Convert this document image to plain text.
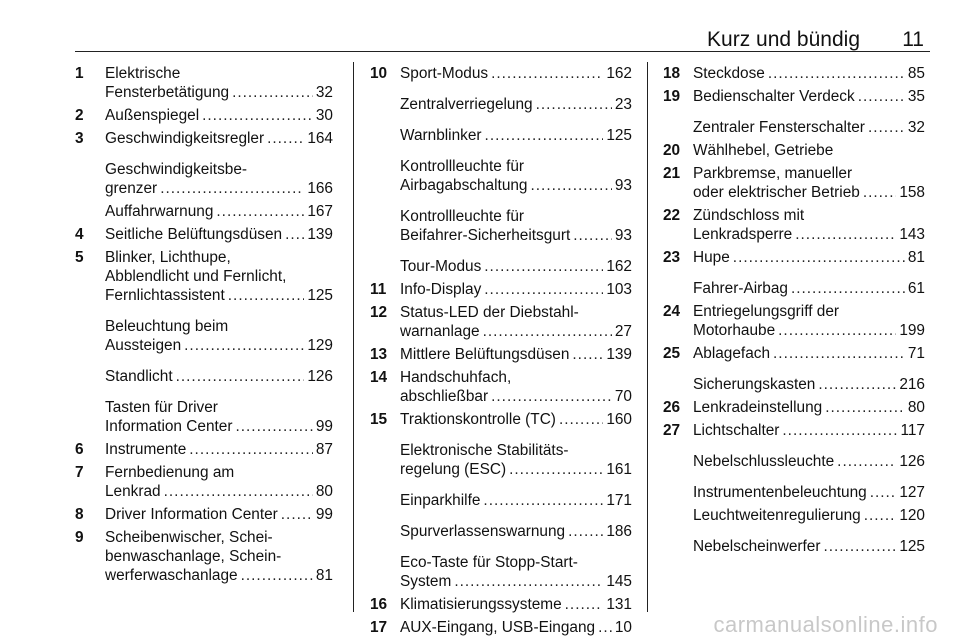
Kurz und bündig 11
1	Elektrische
Fensterbetätigung .....	32
2	Außenspiegel .....	30
3	Geschwindigkeitsregler .....	164
Geschwindigkeitsbe-
grenzer .....	166
Auffahrwarnung .....	167
4	Seitliche Belüftungsdüsen ..... 139
5	Blinker, Lichthupe,
Abblendlicht und Fernlicht,
Fernlichtassistent .....	125
Beleuchtung beim
Aussteigen .....	129
Standlicht .....	126
Tasten für Driver
Information Center .....	99
6	Instrumente .....	87
7	Fernbedienung am
Lenkrad .....	80
8	Driver Information Center ..... 99
9	Scheibenwischer, Schei-
benwaschanlage, Schein-
werferwaschanlage .....	81
10 Sport-Modus .....	162
Zentralverriegelung .....	23
Warnblinker .....	125
Kontrollleuchte für
Airbagabschaltung .....	93
Kontrollleuchte für
Beifahrer-Sicherheitsgurt .....	93
Tour-Modus .....	162
11 Info-Display .....	103
12 Status-LED der Diebstahl-
warnanlage .....	27
13 Mittlere Belüftungsdüsen ..... 139
14 Handschuhfach,
abschließbar .....	70
15 Traktionskontrolle (TC) .....	160
Elektronische Stabilitäts-
regelung (ESC) .....	161
Einparkhilfe .....	171
Spurverlassenswarnung .....	186
Eco-Taste für Stopp-Start-
System .....	145
16 Klimatisierungssysteme .....	131
17 AUX-Eingang, USB-Eingang ..... 10
18 Steckdose .....	85
19 Bedienschalter Verdeck .....	35
Zentraler Fensterschalter .....	32
20 Wählhebel, Getriebe
21 Parkbremse, manueller
oder elektrischer Betrieb .....	158
22 Zündschloss mit
Lenkradsperre .....	143
23 Hupe .....	81
Fahrer-Airbag .....	61
24 Entriegelungsgriff der
Motorhaube .....	199
25 Ablagefach .....	71
Sicherungskasten .....	216
26 Lenkradeinstellung .....	80
27 Lichtschalter .....	117
Nebelschlussleuchte .....	126
Instrumentenbeleuchtung ..... 127
Leuchtweitenregulierung .....	120
Nebelscheinwerfer .....	125
carmanualsonline.info
